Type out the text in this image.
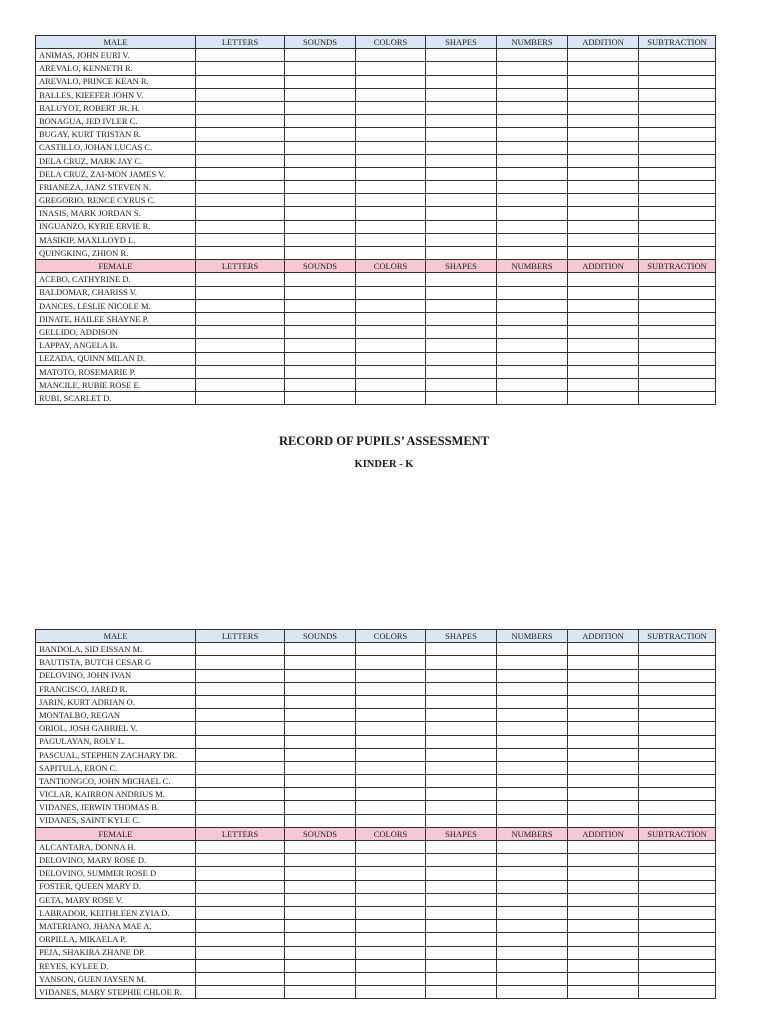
MALE	LETTERS	SOUNDS	COLORS	SHAPES	NUMBERS	ADDITION	SUBTRACTION
ANIMAS, JOHN EURI V.							
AREVALO, KENNETH R.							
AREVALO, PRINCE KEAN R.							
BALLES, KIEEFER JOHN V.							
BALUYOT, ROBERT JR. H.							
BONAGUA, JED IVLER C.							
BUGAY, KURT TRISTAN R.							
CASTILLO, JOHAN LUCAS C.							
DELA CRUZ, MARK JAY C.							
DELA CRUZ, ZAI-MON JAMES V.							
FRIANEZA, JANZ STEVEN N.							
GREGORIO, RENCE CYRUS C.							
INASIS, MARK JORDAN S.							
INGUANZO, KYRIE ERVIE R.							
MASIKIP, MAXLLOYD L.							
QUINGKING, ZHION R.							
FEMALE	LETTERS	SOUNDS	COLORS	SHAPES	NUMBERS	ADDITION	SUBTRACTION
ACEBO, CATHYRINE D.							
BALDOMAR, CHARISS V.							
DANCES, LESLIE NICOLE M.							
DINATE, HAILEE SHAYNE P.							
GELLIDO, ADDISON							
LAPPAY, ANGELA B.							
LEZADA, QUINN MILAN D.							
MATOTO, ROSEMARIE P.							
MANCILE, RUBIE ROSE E.							
RUBI, SCARLET D.							
RECORD OF PUPILS’ ASSESSMENT
KINDER - K
MALE	LETTERS	SOUNDS	COLORS	SHAPES	NUMBERS	ADDITION	SUBTRACTION
BANDOLA, SID EISSAN M.							
BAUTISTA, BUTCH CESAR G							
DELOVINO, JOHN IVAN							
FRANCISCO, JARED R.							
JARIN, KURT ADRIAN O.							
MONTALBO, REGAN							
ORIOL, JOSH GABRIEL V.							
PAGULAYAN, ROLY L.							
PASCUAL, STEPHEN ZACHARY DR.							
SAPITULA, ERON C.							
TANTIONGCO, JOHN MICHAEL C.							
VICLAR, KAIRRON ANDRIUS M.							
VIDANES, JERWIN THOMAS B.							
VIDANES, SAINT KYLE C.							
FEMALE	LETTERS	SOUNDS	COLORS	SHAPES	NUMBERS	ADDITION	SUBTRACTION
ALCANTARA, DONNA H.							
DELOVINO, MARY ROSE D.							
DELOVINO, SUMMER ROSE D							
FOSTER, QUEEN MARY D.							
GETA, MARY ROSE V.							
LABRADOR, KEITHLEEN ZYIA D.							
MATERIANO, JHANA MAE A.							
ORPILLA, MIKAELA P.							
PEJA, SHAKIRA ZHANE DP.							
REYES, KYLEE D.							
YANSON, GUEN JAYSEN M.							
VIDANES, MARY STEPHIE CHLOE R.							
